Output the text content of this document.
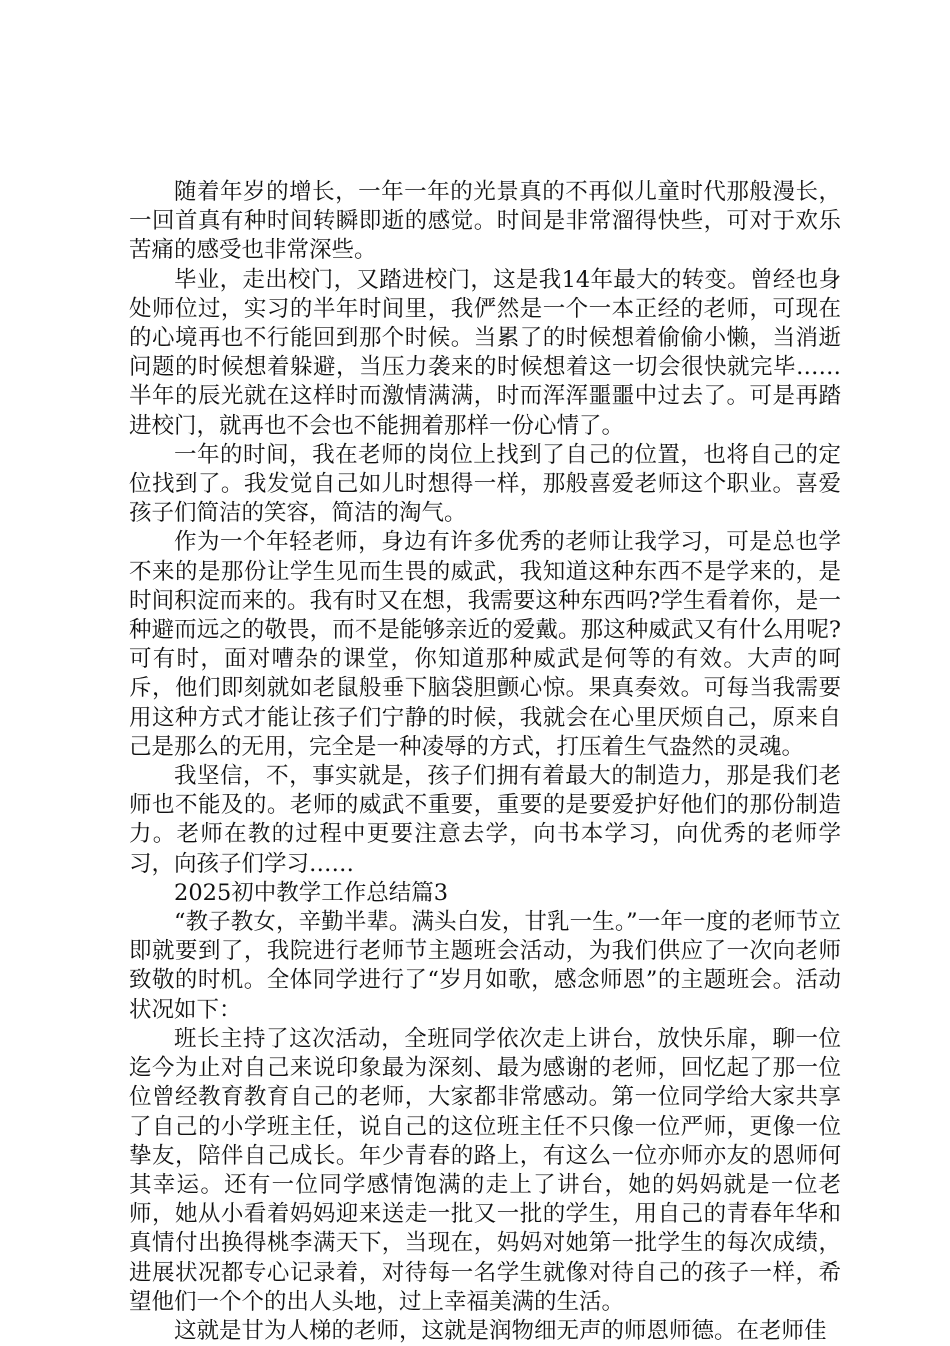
随着年岁的增长，一年一年的光景真的不再似儿童时代那般漫长，一回首真有种时间转瞬即逝的感觉。时间是非常溜得快些，可对于欢乐苦痛的感受也非常深些。

毕业，走出校门，又踏进校门，这是我14年最大的转变。曾经也身处师位过，实习的半年时间里，我俨然是一个一本正经的老师，可现在的心境再也不行能回到那个时候。当累了的时候想着偷偷小懒，当消逝问题的时候想着躲避，当压力袭来的时候想着这一切会很快就完毕……半年的辰光就在这样时而激情满满，时而浑浑噩噩中过去了。可是再踏进校门，就再也不会也不能拥着那样一份心情了。

一年的时间，我在老师的岗位上找到了自己的位置，也将自己的定位找到了。我发觉自己如儿时想得一样，那般喜爱老师这个职业。喜爱孩子们简洁的笑容，简洁的淘气。

作为一个年轻老师，身边有许多优秀的老师让我学习，可是总也学不来的是那份让学生见而生畏的威武，我知道这种东西不是学来的，是时间积淀而来的。我有时又在想，我需要这种东西吗?学生看着你，是一种避而远之的敬畏，而不是能够亲近的爱戴。那这种威武又有什么用呢?可有时，面对嘈杂的课堂，你知道那种威武是何等的有效。大声的呵斥，他们即刻就如老鼠般垂下脑袋胆颤心惊。果真奏效。可每当我需要用这种方式才能让孩子们宁静的时候，我就会在心里厌烦自己，原来自己是那么的无用，完全是一种凌辱的方式，打压着生气盎然的灵魂。

我坚信，不，事实就是，孩子们拥有着最大的制造力，那是我们老师也不能及的。老师的威武不重要，重要的是要爱护好他们的那份制造力。老师在教的过程中更要注意去学，向书本学习，向优秀的老师学习，向孩子们学习……

2025初中教学工作总结篇3

“教子教女，辛勤半辈。满头白发，甘乳一生。”一年一度的老师节立即就要到了，我院进行老师节主题班会活动，为我们供应了一次向老师致敬的时机。全体同学进行了“岁月如歌，感念师恩”的主题班会。活动状况如下：

班长主持了这次活动，全班同学依次走上讲台，放快乐扉，聊一位迄今为止对自己来说印象最为深刻、最为感谢的老师，回忆起了那一位位曾经教育教育自己的老师，大家都非常感动。第一位同学给大家共享了自己的小学班主任，说自己的这位班主任不只像一位严师，更像一位挚友，陪伴自己成长。年少青春的路上，有这么一位亦师亦友的恩师何其幸运。还有一位同学感情饱满的走上了讲台，她的妈妈就是一位老师，她从小看着妈妈迎来送走一批又一批的学生，用自己的青春年华和真情付出换得桃李满天下，当现在，妈妈对她第一批学生的每次成绩，进展状况都专心记录着，对待每一名学生就像对待自己的孩子一样，希望他们一个个的出人头地，过上幸福美满的生活。

这就是甘为人梯的老师，这就是润物细无声的师恩师德。在老师佳
